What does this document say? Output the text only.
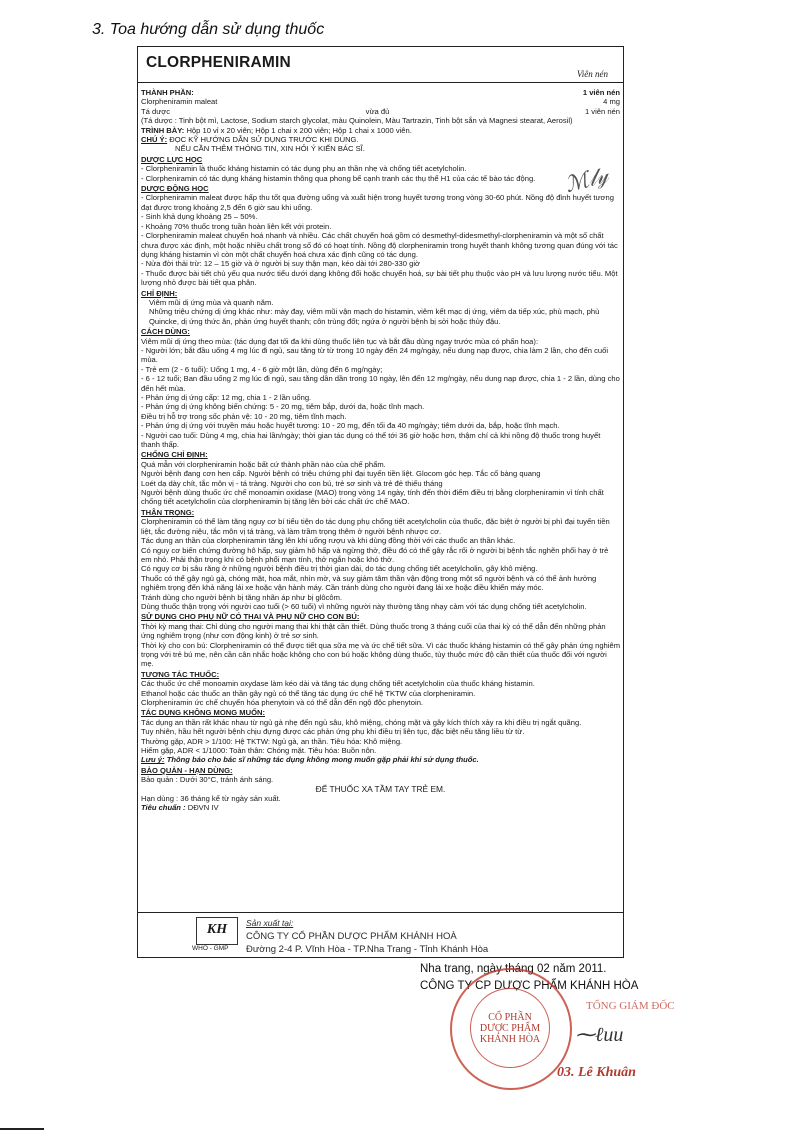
3. Toa hướng dẫn sử dụng thuốc
CLORPHENIRAMIN
Viên nén
ℳ𝓁𝓎

THÀNH PHẦN:	1 viên nén

Clorpheniramin maleat	4 mg

Tá dược	vừa đủ	1 viên nén

(Tá dược : Tinh bột mì, Lactose, Sodium starch glycolat, màu Quinolein, Màu Tartrazin, Tinh bột sắn và Magnesi stearat, Aerosil)

TRÌNH BÀY: Hộp 10 vỉ x 20 viên; Hộp 1 chai x 200 viên; Hộp 1 chai x 1000 viên.

CHÚ Ý: ĐỌC KỸ HƯỚNG DẪN SỬ DỤNG TRƯỚC KHI DÙNG.

NẾU CẦN THÊM THÔNG TIN, XIN HỎI Ý KIẾN BÁC SĨ.

DƯỢC LỰC HỌC

- Clorpheniramin là thuốc kháng histamin có tác dụng phụ an thần nhẹ và chống tiết acetylcholin.

- Clorpheniramin có tác dụng kháng histamin thông qua phong bế cạnh tranh các thụ thể H1 của các tế bào tác động.

DƯỢC ĐỘNG HỌC

- Clorpheniramin maleat được hấp thu tốt qua đường uống và xuất hiện trong huyết tương trong vòng 30-60 phút. Nồng độ đỉnh huyết tương đạt được trong khoảng 2,5 đến 6 giờ sau khi uống.

- Sinh khả dụng khoảng 25 – 50%.

- Khoảng 70% thuốc trong tuần hoàn liên kết với protein.

- Clorpheniramin maleat chuyển hoá nhanh và nhiều. Các chất chuyển hoá gồm có desmethyl-didesmethyl-clorpheniramin và một số chất chưa được xác định, một hoặc nhiều chất trong số đó có hoạt tính. Nồng độ clorpheniramin trong huyết thanh không tương quan đúng với tác dụng kháng histamin vì còn một chất chuyển hoá chưa xác định cũng có tác dụng.

- Nửa đời thải trừ: 12 – 15 giờ và ở người bị suy thận mạn, kéo dài tới 280-330 giờ

- Thuốc được bài tiết chủ yếu qua nước tiểu dưới dạng không đổi hoặc chuyển hoá, sự bài tiết phụ thuộc vào pH và lưu lượng nước tiểu. Một lượng nhỏ được bài tiết qua phân.

CHỈ ĐỊNH:

Viêm mũi dị ứng mùa và quanh năm.

Những triệu chứng dị ứng khác như: mày đay, viêm mũi vận mạch do histamin, viêm kết mạc dị ứng, viêm da tiếp xúc, phù mạch, phù Quincke, dị ứng thức ăn, phản ứng huyết thanh; côn trùng đốt; ngứa ở người bệnh bị sởi hoặc thủy đậu.

CÁCH DÙNG:

Viêm mũi dị ứng theo mùa: (tác dụng đạt tối đa khi dùng thuốc liên tục và bắt đầu dùng ngay trước mùa có phấn hoa):

- Người lớn; bắt đầu uống 4 mg lúc đi ngủ, sau tăng từ từ trong 10 ngày đến 24 mg/ngày, nếu dung nạp được, chia làm 2 lần, cho đến cuối mùa.

- Trẻ em (2 - 6 tuổi): Uống 1 mg, 4 - 6 giờ một lần, dùng đến 6 mg/ngày;

- 6 - 12 tuổi; Ban đầu uống 2 mg lúc đi ngủ, sau tăng dần dần trong 10 ngày, lên đến 12 mg/ngày, nếu dung nạp được, chia 1 - 2 lần, dùng cho đến hết mùa.

- Phản ứng dị ứng cấp: 12 mg, chia 1 - 2 lần uống.

- Phản ứng dị ứng không biến chứng: 5 - 20 mg, tiêm bắp, dưới da, hoặc tĩnh mạch.

Điều trị hỗ trợ trong sốc phản vệ: 10 - 20 mg, tiêm tĩnh mạch.

- Phản ứng dị ứng với truyền máu hoặc huyết tương: 10 - 20 mg, đến tối đa 40 mg/ngày; tiêm dưới da, bắp, hoặc tĩnh mạch.

- Người cao tuổi: Dùng 4 mg, chia hai lần/ngày; thời gian tác dụng có thể tới 36 giờ hoặc hơn, thậm chí cả khi nồng độ thuốc trong huyết thanh thấp.

CHỐNG CHỈ ĐỊNH:

Quá mẫn với clorpheniramin hoặc bất cứ thành phần nào của chế phẩm.

Người bệnh đang cơn hen cấp. Người bệnh có triệu chứng phì đại tuyến tiền liệt. Glocom góc hẹp. Tắc cổ bàng quang

Loét dạ dày chít, tắc môn vị - tá tràng. Người cho con bú, trẻ sơ sinh và trẻ đẻ thiếu tháng

Người bệnh dùng thuốc ức chế monoamin oxidase (MAO) trong vòng 14 ngày, tính đến thời điểm điều trị bằng clorpheniramin vì tính chất chống tiết acetylcholin của clorpheniramin bị tăng lên bởi các chất ức chế MAO.

THẬN TRỌNG:

Clorpheniramin có thể làm tăng nguy cơ bí tiểu tiện do tác dụng phụ chống tiết acetylcholin của thuốc, đặc biệt ở người bị phì đại tuyến tiền liệt, tắc đường niệu, tắc môn vị tá tràng, và làm trầm trọng thêm ở người bệnh nhược cơ.

Tác dụng an thần của clorpheniramin tăng lên khi uống rượu và khi dùng đồng thời với các thuốc an thần khác.

Có nguy cơ biến chứng đường hô hấp, suy giảm hô hấp và ngừng thở, điều đó có thể gây rắc rối ở người bị bệnh tắc nghẽn phổi hay ở trẻ em nhỏ. Phải thận trọng khi có bệnh phổi mạn tính, thở ngắn hoặc khó thở.

Có nguy cơ bị sâu răng ở những người bệnh điều trị thời gian dài, do tác dụng chống tiết acetylcholin, gây khô miệng.

Thuốc có thể gây ngủ gà, chóng mặt, hoa mắt, nhìn mờ, và suy giảm tâm thần vận động trong một số người bệnh và có thể ảnh hưởng nghiêm trọng đến khả năng lái xe hoặc vận hành máy. Cần tránh dùng cho người đang lái xe hoặc điều khiển máy móc.

Tránh dùng cho người bệnh bị tăng nhãn áp như bị glôcôm.

Dùng thuốc thận trọng với người cao tuổi (> 60 tuổi) vì những người này thường tăng nhạy cảm với tác dụng chống tiết acetylcholin.

SỬ DỤNG CHO PHỤ NỮ CÓ THAI VÀ PHỤ NỮ CHO CON BÚ:

Thời kỳ mang thai: Chỉ dùng cho người mang thai khi thật cần thiết. Dùng thuốc trong 3 tháng cuối của thai kỳ có thể dẫn đến những phản ứng nghiêm trọng (như cơn động kinh) ở trẻ sơ sinh.

Thời kỳ cho con bú: Clorpheniramin có thể được tiết qua sữa mẹ và ức chế tiết sữa. Vì các thuốc kháng histamin có thể gây phản ứng nghiêm trọng với trẻ bú mẹ, nên cần cân nhắc hoặc không cho con bú hoặc không dùng thuốc, tùy thuộc mức độ cần thiết của thuốc đối với người mẹ.

TƯƠNG TÁC THUỐC:

Các thuốc ức chế monoamin oxydase làm kéo dài và tăng tác dụng chống tiết acetylcholin của thuốc kháng histamin.

Ethanol hoặc các thuốc an thần gây ngủ có thể tăng tác dụng ức chế hệ TKTW của clorpheniramin.

Clorpheniramin ức chế chuyển hóa phenytoin và có thể dẫn đến ngộ độc phenytoin.

TÁC DỤNG KHÔNG MONG MUỐN:

Tác dụng an thần rất khác nhau từ ngủ gà nhẹ đến ngủ sâu, khô miệng, chóng mặt và gây kích thích xảy ra khi điều trị ngắt quãng.

Tuy nhiên, hầu hết người bệnh chịu đựng được các phản ứng phụ khi điều trị liên tục, đặc biệt nếu tăng liều từ từ.

Thường gặp, ADR > 1/100: Hệ TKTW: Ngủ gà, an thần. Tiêu hóa: Khô miệng.

Hiếm gặp, ADR < 1/1000: Toàn thân: Chóng mặt. Tiêu hóa: Buồn nôn.

Lưu ý: Thông báo cho bác sĩ những tác dụng không mong muốn gặp phải khi sử dụng thuốc.

BẢO QUẢN - HẠN DÙNG:

Bảo quản : Dưới 30°C, tránh ánh sáng.

ĐỂ THUỐC XA TẦM TAY TRẺ EM.

Hạn dùng : 36 tháng kể từ ngày sản xuất.

Tiêu chuẩn : DĐVN IV

KH
WHO - GMP
Sản xuất tại:
CÔNG TY CỔ PHẦN DƯỢC PHẨM KHÁNH HOÀ
Đường 2-4 P. Vĩnh Hòa - TP.Nha Trang - Tỉnh Khánh Hòa
Nha trang, ngày tháng 02 năm 2011.
CÔNG TY CP DƯỢC PHẨM KHÁNH HÒA
CỔ PHẦN
DƯỢC PHẨM
KHÁNH HÒA
TỔNG GIÁM ĐỐC
⁓ℓuu
03. Lê Khuân
